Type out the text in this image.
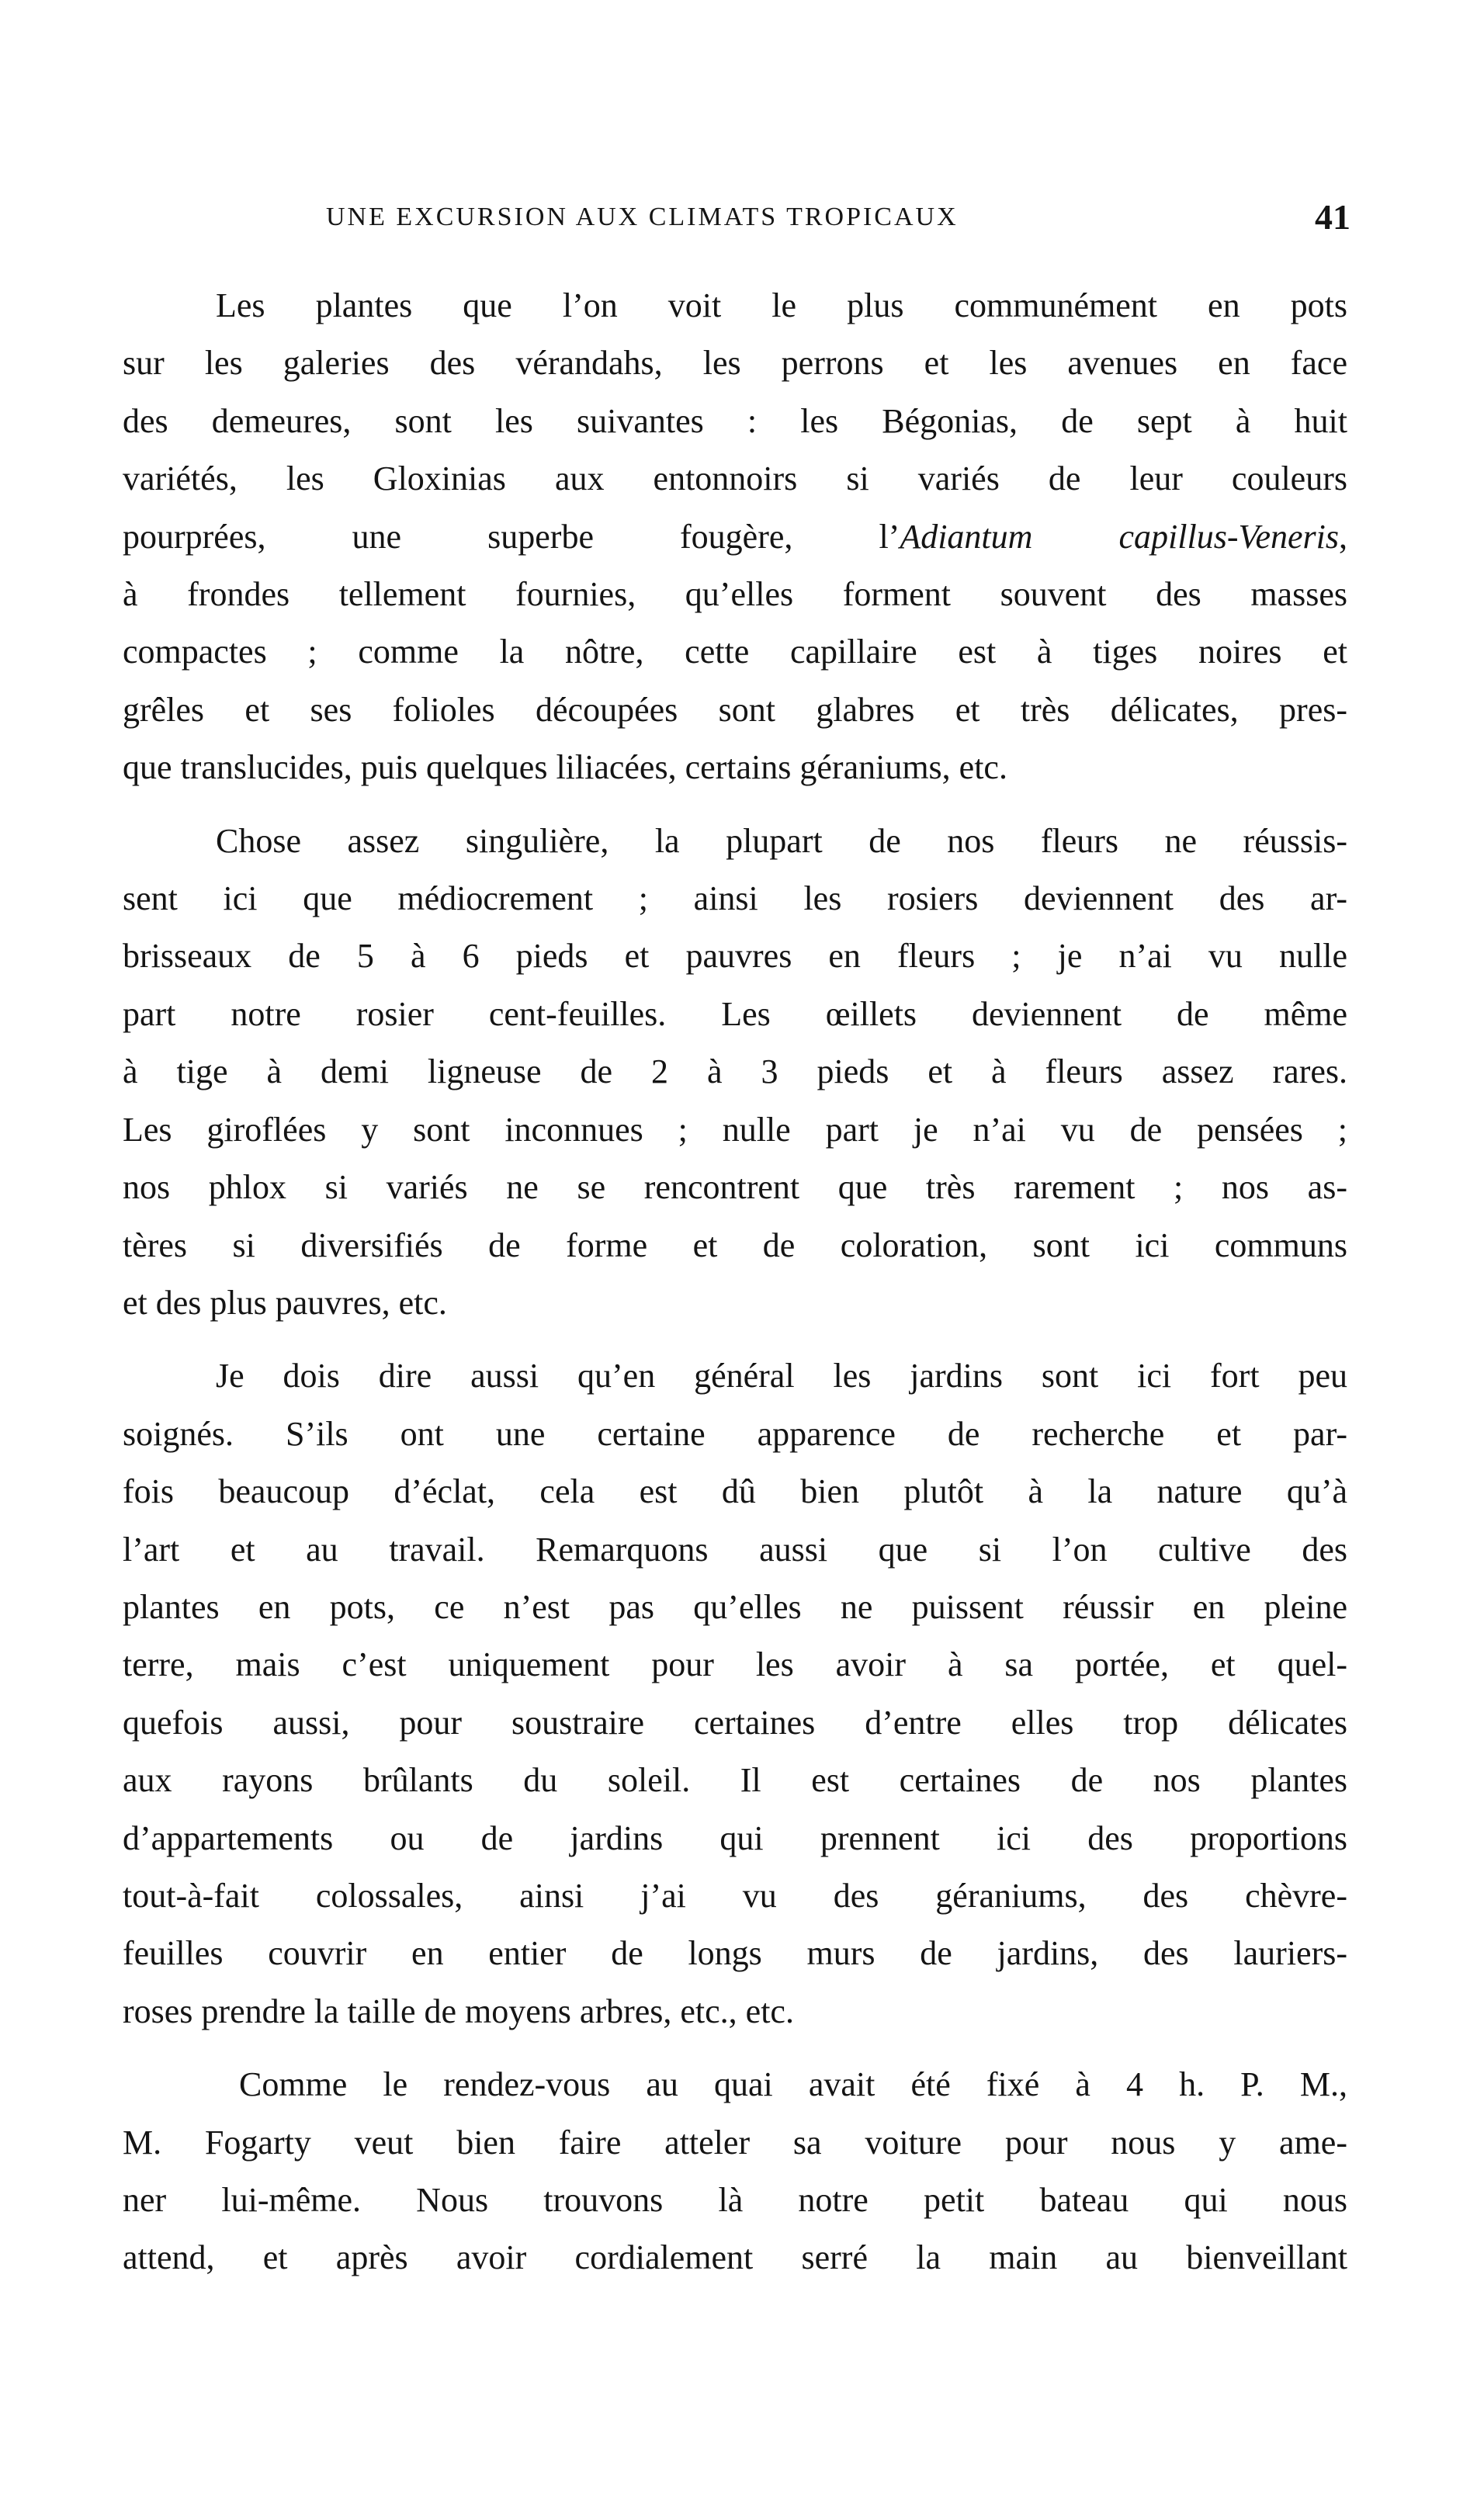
UNE EXCURSION AUX CLIMATS TROPICAUX	41

Les plantes que l’on voit le plus communément en pots
sur les galeries des vérandahs, les perrons et les avenues en face
des demeures, sont les suivantes : les Bégonias, de sept à huit
variétés, les Gloxinias aux entonnoirs si variés de leur couleurs
pourprées, une superbe fougère, l’Adiantum capillus-Veneris,
à frondes tellement fournies, qu’elles forment souvent des masses
compactes ; comme la nôtre, cette capillaire est à tiges noires et
grêles et ses folioles découpées sont glabres et très délicates, pres-
que translucides, puis quelques liliacées, certains géraniums, etc.

Chose assez singulière, la plupart de nos fleurs ne réussis-
sent ici que médiocrement ; ainsi les rosiers deviennent des ar-
brisseaux de 5 à 6 pieds et pauvres en fleurs ; je n’ai vu nulle
part notre rosier cent-feuilles. Les œillets deviennent de même
à tige à demi ligneuse de 2 à 3 pieds et à fleurs assez rares.
Les giroflées y sont inconnues ; nulle part je n’ai vu de pensées ;
nos phlox si variés ne se rencontrent que très rarement ; nos as-
tères si diversifiés de forme et de coloration, sont ici communs
et des plus pauvres, etc.

Je dois dire aussi qu’en général les jardins sont ici fort peu
soignés. S’ils ont une certaine apparence de recherche et par-
fois beaucoup d’éclat, cela est dû bien plutôt à la nature qu’à
l’art et au travail. Remarquons aussi que si l’on cultive des
plantes en pots, ce n’est pas qu’elles ne puissent réussir en pleine
terre, mais c’est uniquement pour les avoir à sa portée, et quel-
quefois aussi, pour soustraire certaines d’entre elles trop délicates
aux rayons brûlants du soleil. Il est certaines de nos plantes
d’appartements ou de jardins qui prennent ici des proportions
tout-à-fait colossales, ainsi j’ai vu des géraniums, des chèvre-
feuilles couvrir en entier de longs murs de jardins, des lauriers-
roses prendre la taille de moyens arbres, etc., etc.

Comme le rendez-vous au quai avait été fixé à 4 h. P. M.,
M. Fogarty veut bien faire atteler sa voiture pour nous y ame-
ner lui-même. Nous trouvons là notre petit bateau qui nous
attend, et après avoir cordialement serré la main au bienveillant
